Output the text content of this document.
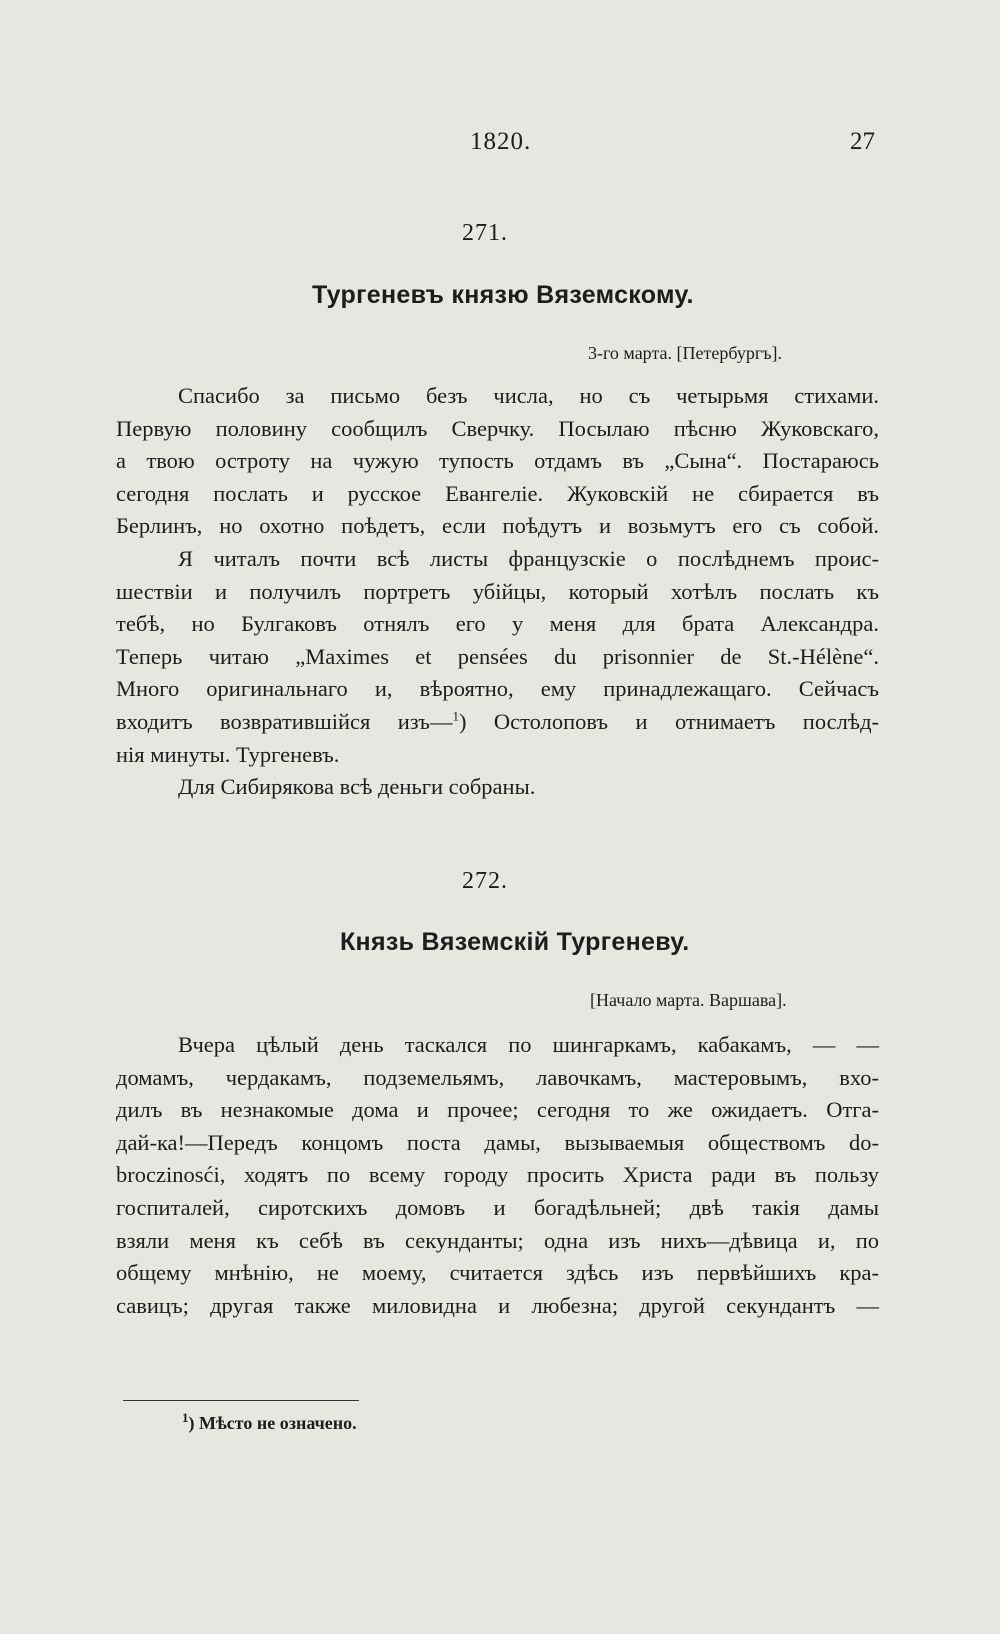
1820.	27
271.
Тургеневъ князю Вяземскому.
3-го марта. [Петербургъ].
Спасибо за письмо безъ числа, но съ четырьмя стихами.
Первую половину сообщилъ Сверчку. Посылаю пѣсню Жуковскаго,
а твою остроту на чужую тупость отдамъ въ „Сына“. Постараюсь
сегодня послать и русское Евангеліе. Жуковскій не сбирается въ
Берлинъ, но охотно поѣдетъ, если поѣдутъ и возьмутъ его съ собой.
Я читалъ почти всѣ листы французскіе о послѣднемъ проис-
шествіи и получилъ портретъ убійцы, который хотѣлъ послать къ
тебѣ, но Булгаковъ отнялъ его у меня для брата Александра.
Теперь читаю „Maximes et pensées du prisonnier de St.-Hélène“.
Много оригинальнаго и, вѣроятно, ему принадлежащаго. Сейчасъ
входитъ возвратившійся изъ—$^1$) Остолоповъ и отнимаетъ послѣд-
нія минуты. Тургеневъ.
Для Сибирякова всѣ деньги собраны.
272.
Князь Вяземскій Тургеневу.
[Начало марта. Варшава].
Вчера цѣлый день таскался по шингаркамъ, кабакамъ, — —
домамъ, чердакамъ, подземельямъ, лавочкамъ, мастеровымъ, вхо-
дилъ въ незнакомые дома и прочее; сегодня то же ожидаетъ. Отга-
дай-ка!—Передъ концомъ поста дамы, вызываемыя обществомъ do-
broczinosći, ходятъ по всему городу просить Христа ради въ пользу
госпиталей, сиротскихъ домовъ и богадѣльней; двѣ такія дамы
взяли меня къ себѣ въ секунданты; одна изъ нихъ—дѣвица и, по
общему мнѣнію, не моему, считается здѣсь изъ первѣйшихъ кра-
савицъ; другая также миловидна и любезна; другой секундантъ —
$^1$) Мѣсто не означено.
